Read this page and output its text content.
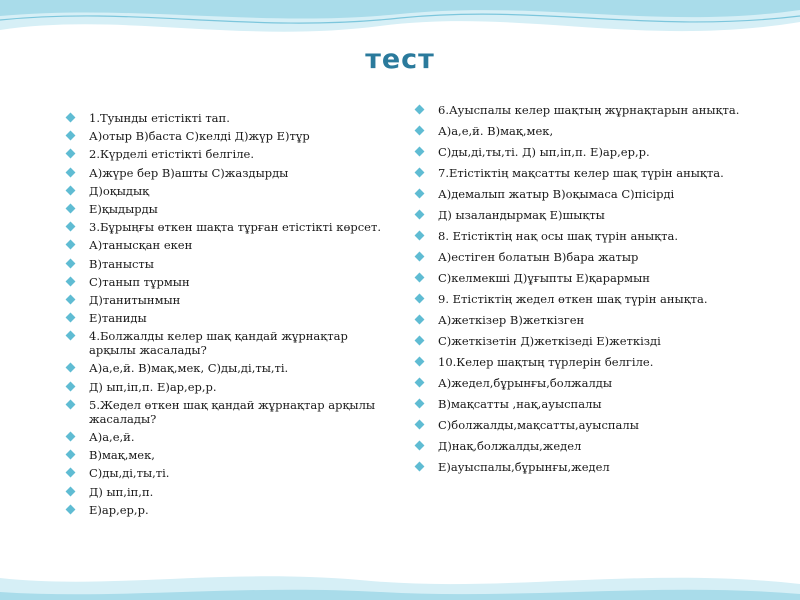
тест
1.Туынды етістікті тап.
А)отыр В)баста С)келді Д)жүр Е)тұр
2.Күрделі етістікті белгіле.
А)жүре бер В)ашты С)жаздырды
Д)оқыдық
Е)қыдырды
3.Бұрыңғы өткен шақта тұрған етістікті көрсет.
А)танысқан екен
В)танысты
С)танып тұрмын
Д)танитынмын
Е)таниды
4.Болжалды келер шақ қандай жұрнақтар арқылы жасалады?
А)а,е,й. В)мақ,мек, С)ды,ді,ты,ті.
Д) ып,іп,п. Е)ар,ер,р.
5.Жедел өткен шақ қандай жұрнақтар арқылы жасалады?
А)а,е,й.
В)мақ,мек,
С)ды,ді,ты,ті.
Д) ып,іп,п.
Е)ар,ер,р.
6.Ауыспалы келер шақтың жұрнақтарын анықта.
А)а,е,й. В)мақ,мек,
С)ды,ді,ты,ті. Д) ып,іп,п. Е)ар,ер,р.
7.Етістіктің мақсатты келер шақ түрін анықта.
А)демалып жатыр В)оқымаса С)пісірді
Д) ызаландырмақ Е)шықты
8. Етістіктің нақ осы шақ түрін анықта.
А)естіген болатын В)бара жатыр
С)келмекші Д)ұғыпты Е)қарармын
9. Етістіктің жедел өткен шақ түрін анықта.
А)жеткізер В)жеткізген
С)жеткізетін Д)жеткізеді Е)жеткізді
10.Келер шақтың түрлерін белгіле.
А)жедел,бұрынғы,болжалды
В)мақсатты ,нақ,ауыспалы
С)болжалды,мақсатты,ауыспалы
Д)нақ,болжалды,жедел
Е)ауыспалы,бұрынғы,жедел
